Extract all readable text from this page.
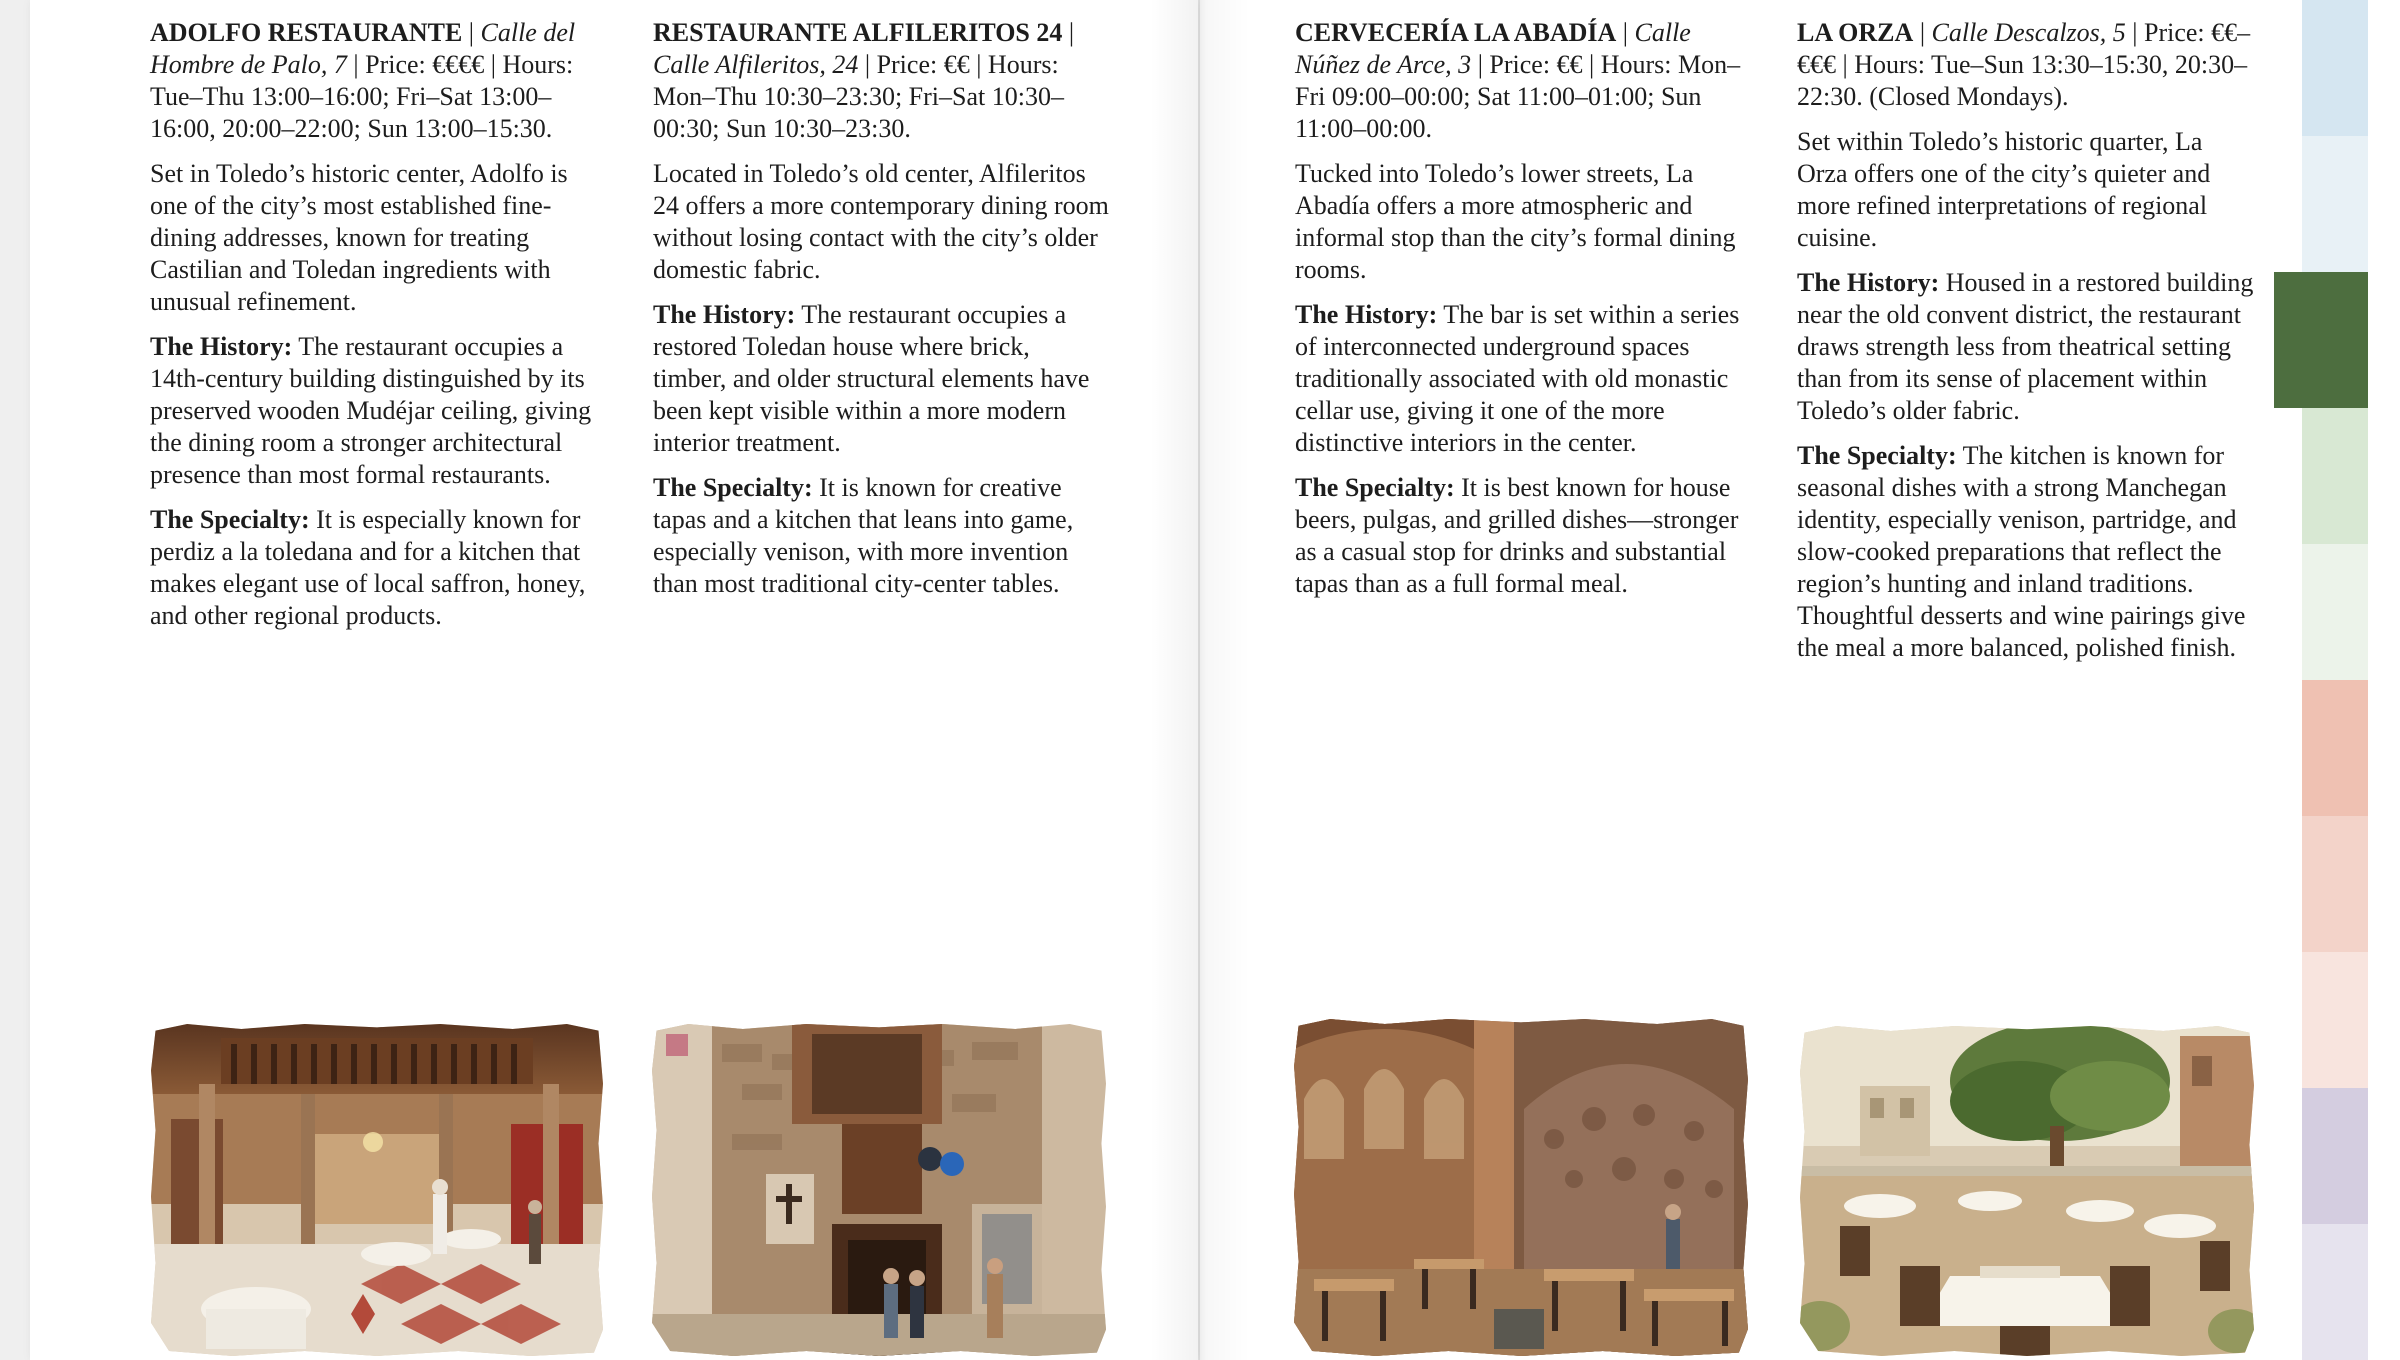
ADOLFO RESTAURANTE | Calle del Hombre de Palo, 7 | Price: €€€€ | Hours: Tue–Thu 13:00–16:00; Fri–Sat 13:00–16:00, 20:00–22:00; Sun 13:00–15:30.

Set in Toledo’s historic center, Adolfo is one of the city’s most established fine-dining addresses, known for treating Castilian and Toledan ingredients with unusual refinement.

The History: The restaurant occupies a 14th-century building distinguished by its preserved wooden Mudéjar ceiling, giving the dining room a stronger architectural presence than most formal restaurants.

The Specialty: It is especially known for perdiz a la toledana and for a kitchen that makes elegant use of local saffron, honey, and other regional products.

RESTAURANTE ALFILERITOS 24 | Calle Alfileritos, 24 | Price: €€ | Hours: Mon–Thu 10:30–23:30; Fri–Sat 10:30–00:30; Sun 10:30–23:30.

Located in Toledo’s old center, Alfileritos 24 offers a more contemporary dining room without losing contact with the city’s older domestic fabric.

The History: The restaurant occupies a restored Toledan house where brick, timber, and older structural elements have been kept visible within a more modern interior treatment.

The Specialty: It is known for creative tapas and a kitchen that leans into game, especially venison, with more invention than most traditional city-center tables.

CERVECERÍA LA ABADÍA | Calle Núñez de Arce, 3 | Price: €€ | Hours: Mon–Fri 09:00–00:00; Sat 11:00–01:00; Sun 11:00–00:00.

Tucked into Toledo’s lower streets, La Abadía offers a more atmospheric and informal stop than the city’s formal dining rooms.

The History: The bar is set within a series of interconnected underground spaces traditionally associated with old monastic cellar use, giving it one of the more distinctive interiors in the center.

The Specialty: It is best known for house beers, pulgas, and grilled dishes—stronger as a casual stop for drinks and substantial tapas than as a full formal meal.

LA ORZA | Calle Descalzos, 5 | Price: €€–€€€ | Hours: Tue–Sun 13:30–15:30, 20:30–22:30. (Closed Mondays).

Set within Toledo’s historic quarter, La Orza offers one of the city’s quieter and more refined interpretations of regional cuisine.

The History: Housed in a restored building near the old convent district, the restaurant draws strength less from theatrical setting than from its sense of placement within Toledo’s older fabric.

The Specialty: The kitchen is known for seasonal dishes with a strong Manchegan identity, especially venison, partridge, and slow-cooked preparations that reflect the region’s hunting and inland traditions. Thoughtful desserts and wine pairings give the meal a more balanced, polished finish.
